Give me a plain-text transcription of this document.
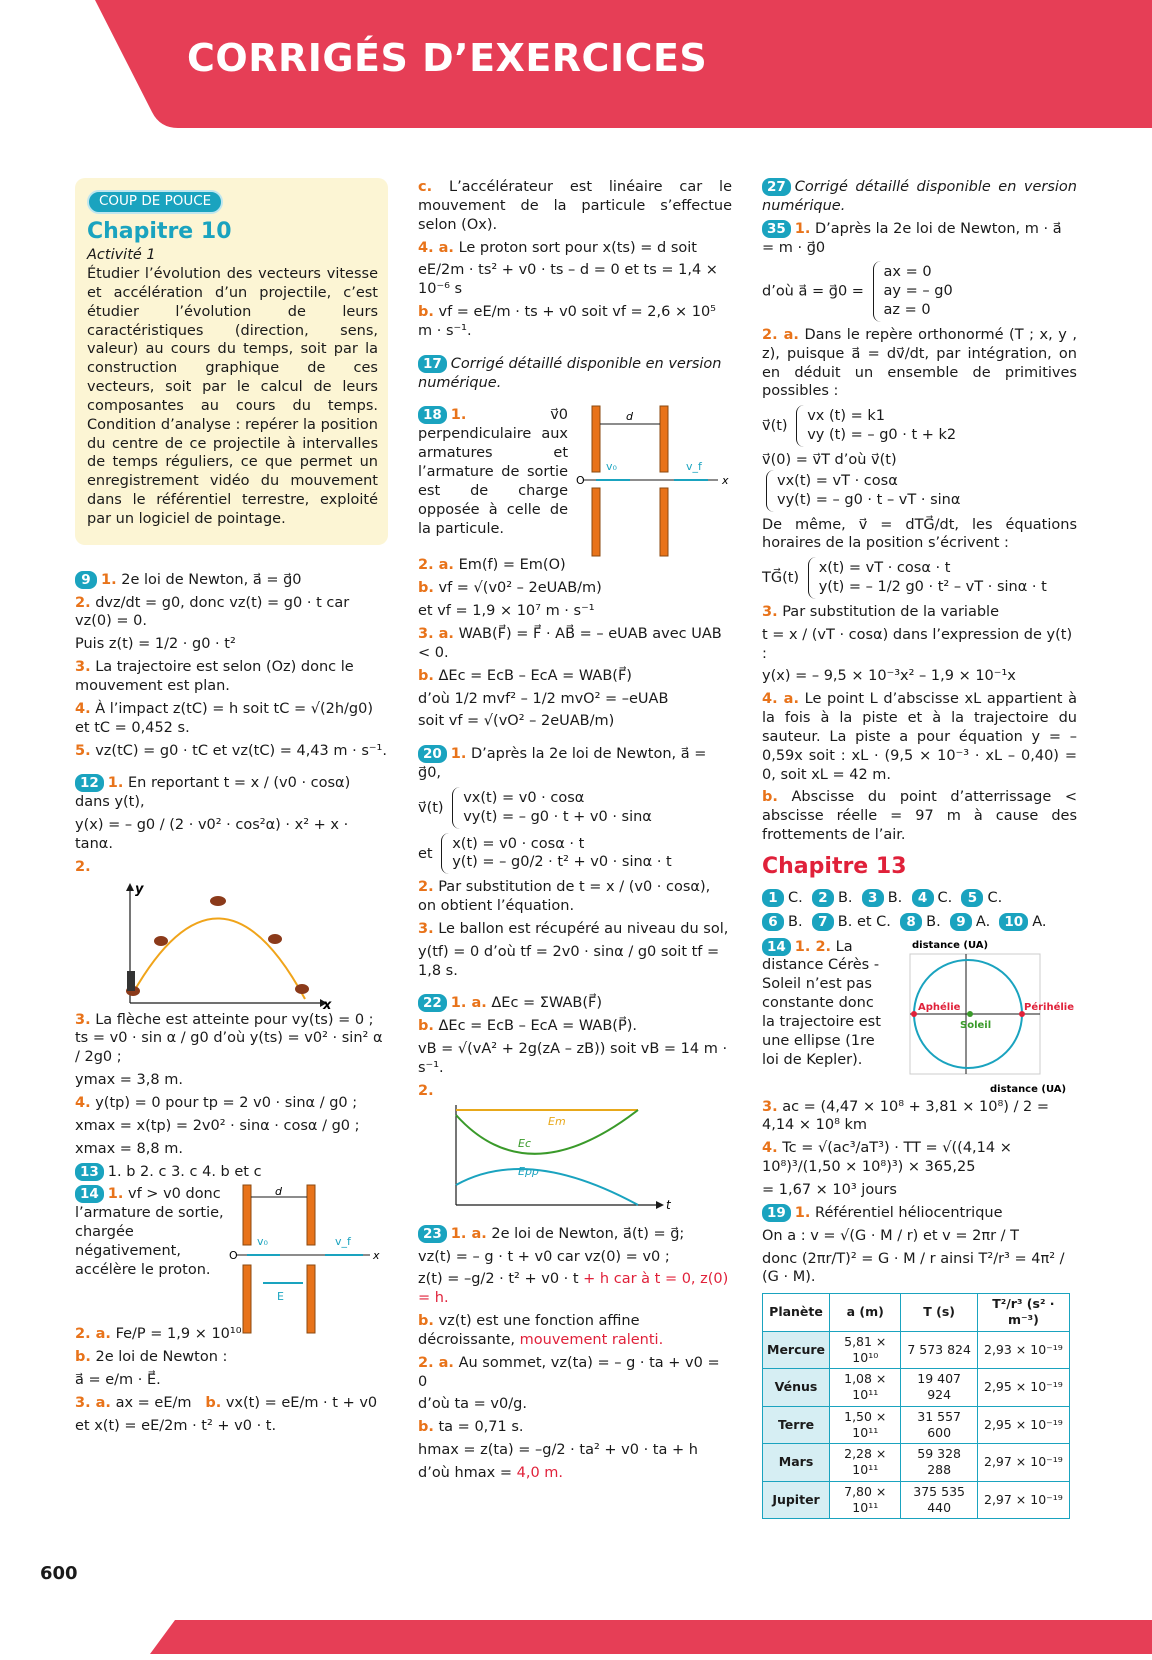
CORRIGÉS D’EXERCICES
COUP DE POUCE
Chapitre 10
Activité 1

Étudier l’évolution des vecteurs vitesse et accélération d’un projectile, c’est étudier l’évolution de leurs caractéristiques (direction, sens, valeur) au cours du temps, soit par la construction graphique de ces vecteurs, soit par le calcul de leurs composantes au cours du temps. Condition d’analyse : repérer la position du centre de ce projectile à intervalles de temps réguliers, ce que permet un enregistrement vidéo du mouvement dans le référentiel terrestre, exploité par un logiciel de pointage.

9 1. 2e loi de Newton, a⃗ = g⃗0

2. dvz/dt = g0, donc vz(t) = g0 · t car vz(0) = 0.

Puis z(t) = 1/2 · g0 · t²

3. La trajectoire est selon (Oz) donc le mouvement est plan.

4. À l’impact z(tC) = h soit tC = √(2h/g0) et tC = 0,452 s.

5. vz(tC) = g0 · tC et vz(tC) = 4,43 m · s⁻¹.

12 1. En reportant t = x / (v0 · cosα) dans y(t),

y(x) = – g0 / (2 · v0² · cos²α) · x² + x · tanα.

2.

y
x

3. La flèche est atteinte pour vy(ts) = 0 ; ts = v0 · sin α / g0 d’où y(ts) = v0² · sin² α / 2g0 ;

ymax = 3,8 m.

4. y(tp) = 0 pour tp = 2 v0 · sinα / g0 ;

xmax = x(tp) = 2v0² · sinα · cosα / g0 ;

xmax = 8,8 m.

13 1. b 2. c 3. c 4. b et c

14 1. vf > v0 donc l’armature de sortie, chargée négativement, accélère le proton.

d
x
O
v₀	v_f
E

2. a. Fe/P = 1,9 × 10¹⁰

b. 2e loi de Newton :

a⃗ = e/m · E⃗.

3. a. ax = eE/m b. vx(t) = eE/m · t + v0

et x(t) = eE/2m · t² + v0 · t.

c. L’accélérateur est linéaire car le mouvement de la particule s’effectue selon (Ox).

4. a. Le proton sort pour x(ts) = d soit

eE/2m · ts² + v0 · ts – d = 0 et ts = 1,4 × 10⁻⁶ s

b. vf = eE/m · ts + v0 soit vf = 2,6 × 10⁵ m · s⁻¹.

17 Corrigé détaillé disponible en version numérique.

18 1.	v⃗0 perpendiculaire aux armatures et l’armature de sortie est de charge opposée à celle de la particule.

d
x
O
v₀	v_f

2. a. Em(f) = Em(O)

b. vf = √(v0² – 2eUAB/m)

et vf = 1,9 × 10⁷ m · s⁻¹

3. a. WAB(F⃗) = F⃗ · AB⃗ = – eUAB avec UAB < 0.

b. ΔEc = EcB – EcA = WAB(F⃗)

d’où 1/2 mvf² – 1/2 mvO² = –eUAB

soit vf = √(vO² – 2eUAB/m)

20 1. D’après la 2e loi de Newton, a⃗ = g⃗0,

v⃗(t)
vx(t) = v0 · cosα
vy(t) = – g0 · t + v0 · sinα

et
x(t) = v0 · cosα · t
y(t) = – g0/2 · t² + v0 · sinα · t

2. Par substitution de t = x / (v0 · cosα), on obtient l’équation.

3. Le ballon est récupéré au niveau du sol,

y(tf) = 0 d’où tf = 2v0 · sinα / g0 soit tf = 1,8 s.

22 1. a. ΔEc = ΣWAB(F⃗)

b. ΔEc = EcB – EcA = WAB(P⃗).

vB = √(vA² + 2g(zA – zB)) soit vB = 14 m · s⁻¹.

2.

t
Em
Ec
Epp

23 1. a. 2e loi de Newton, a⃗(t) = g⃗;

vz(t) = – g · t + v0 car vz(0) = v0 ;

z(t) = –g/2 · t² + v0 · t + h car à t = 0, z(0) = h.

b. vz(t) est une fonction affine décroissante, mouvement ralenti.

2. a. Au sommet, vz(ta) = – g · ta + v0 = 0

d’où ta = v0/g.

b. ta = 0,71 s.

hmax = z(ta) = –g/2 · ta² + v0 · ta + h

d’où hmax = 4,0 m.

27 Corrigé détaillé disponible en version numérique.

35 1. D’après la 2e loi de Newton, m · a⃗ = m · g⃗0

d’où a⃗ = g⃗0 =
ax = 0
ay = – g0
az = 0

2. a. Dans le repère orthonormé (T ; x, y , z), puisque a⃗ = dv⃗/dt, par intégration, on en déduit un ensemble de primitives possibles :

v⃗(t)
vx (t) = k1
vy (t) = – g0 · t + k2

v⃗(0) = v⃗T d’où v⃗(t)
vx(t) = vT · cosα
vy(t) = – g0 · t – vT · sinα

De même, v⃗ = dTG⃗/dt, les équations horaires de la position s’écrivent :

TG⃗(t)
x(t) = vT · cosα · t
y(t) = – 1/2 g0 · t² – vT · sinα · t

3. Par substitution de la variable

t = x / (vT · cosα) dans l’expression de y(t) :

y(x) = – 9,5 × 10⁻³x² – 1,9 × 10⁻¹x

4. a. Le point L d’abscisse xL appartient à la fois à la piste et à la trajectoire du sauteur. La piste a pour équation y = – 0,59x soit : xL · (9,5 × 10⁻³ · xL – 0,40) = 0, soit xL = 42 m.

b. Abscisse du point d’atterrissage < abscisse réelle = 97 m à cause des frottements de l’air.

Chapitre 13
1 C. 2 B. 3 B. 4 C. 5 C.
6 B. 7 B. et C. 8 B. 9 A. 10 A.

14 1. 2. La distance Cérès - Soleil n’est pas constante donc la trajectoire est une ellipse (1re loi de Kepler).

distance (UA)
Aphélie	Périhélie
Soleil
distance (UA)

3. ac = (4,47 × 10⁸ + 3,81 × 10⁸) / 2 = 4,14 × 10⁸ km

4. Tc = √(ac³/aT³) · TT = √((4,14 × 10⁸)³/(1,50 × 10⁸)³) × 365,25

= 1,67 × 10³ jours

19 1. Référentiel héliocentrique

On a : v = √(G · M / r) et v = 2πr / T

donc (2πr/T)² = G · M / r ainsi T²/r³ = 4π² / (G · M).

Planète	a (m)	T (s)	T²/r³ (s² · m⁻³)
Mercure	5,81 × 10¹⁰	7 573 824	2,93 × 10⁻¹⁹
Vénus	1,08 × 10¹¹	19 407 924	2,95 × 10⁻¹⁹
Terre	1,50 × 10¹¹	31 557 600	2,95 × 10⁻¹⁹
Mars	2,28 × 10¹¹	59 328 288	2,97 × 10⁻¹⁹
Jupiter	7,80 × 10¹¹	375 535 440	2,97 × 10⁻¹⁹
600
